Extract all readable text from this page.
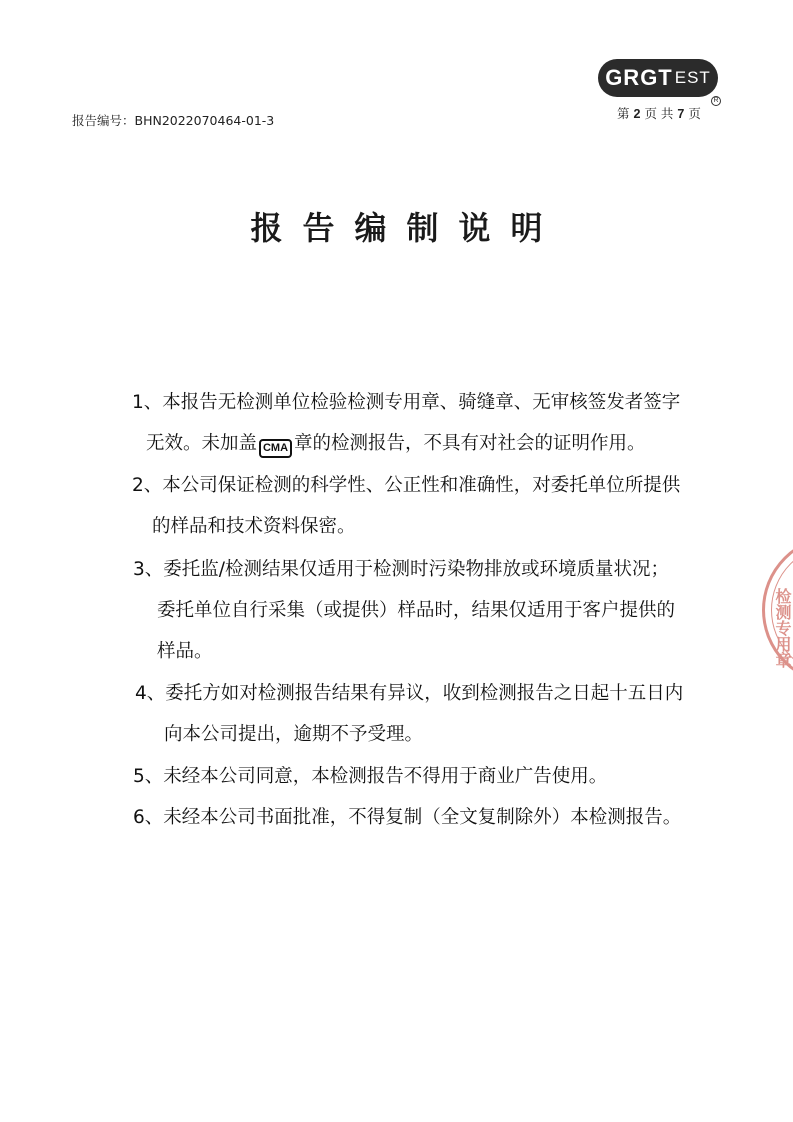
GRGT EST
R
报告编号：BHN2022070464-01-3	第 2 页 共 7 页
报告编制说明
1、本报告无检测单位检验检测专用章、骑缝章、无审核签发者签字
无效。未加盖 CMA 章的检测报告，不具有对社会的证明作用。
2、本公司保证检测的科学性、公正性和准确性，对委托单位所提供
的样品和技术资料保密。
3、委托监/检测结果仅适用于检测时污染物排放或环境质量状况；
委托单位自行采集（或提供）样品时，结果仅适用于客户提供的
样品。
4、委托方如对检测报告结果有异议，收到检测报告之日起十五日内
向本公司提出，逾期不予受理。
5、未经本公司同意，本检测报告不得用于商业广告使用。
6、未经本公司书面批准，不得复制（全文复制除外）本检测报告。
检测专用章
